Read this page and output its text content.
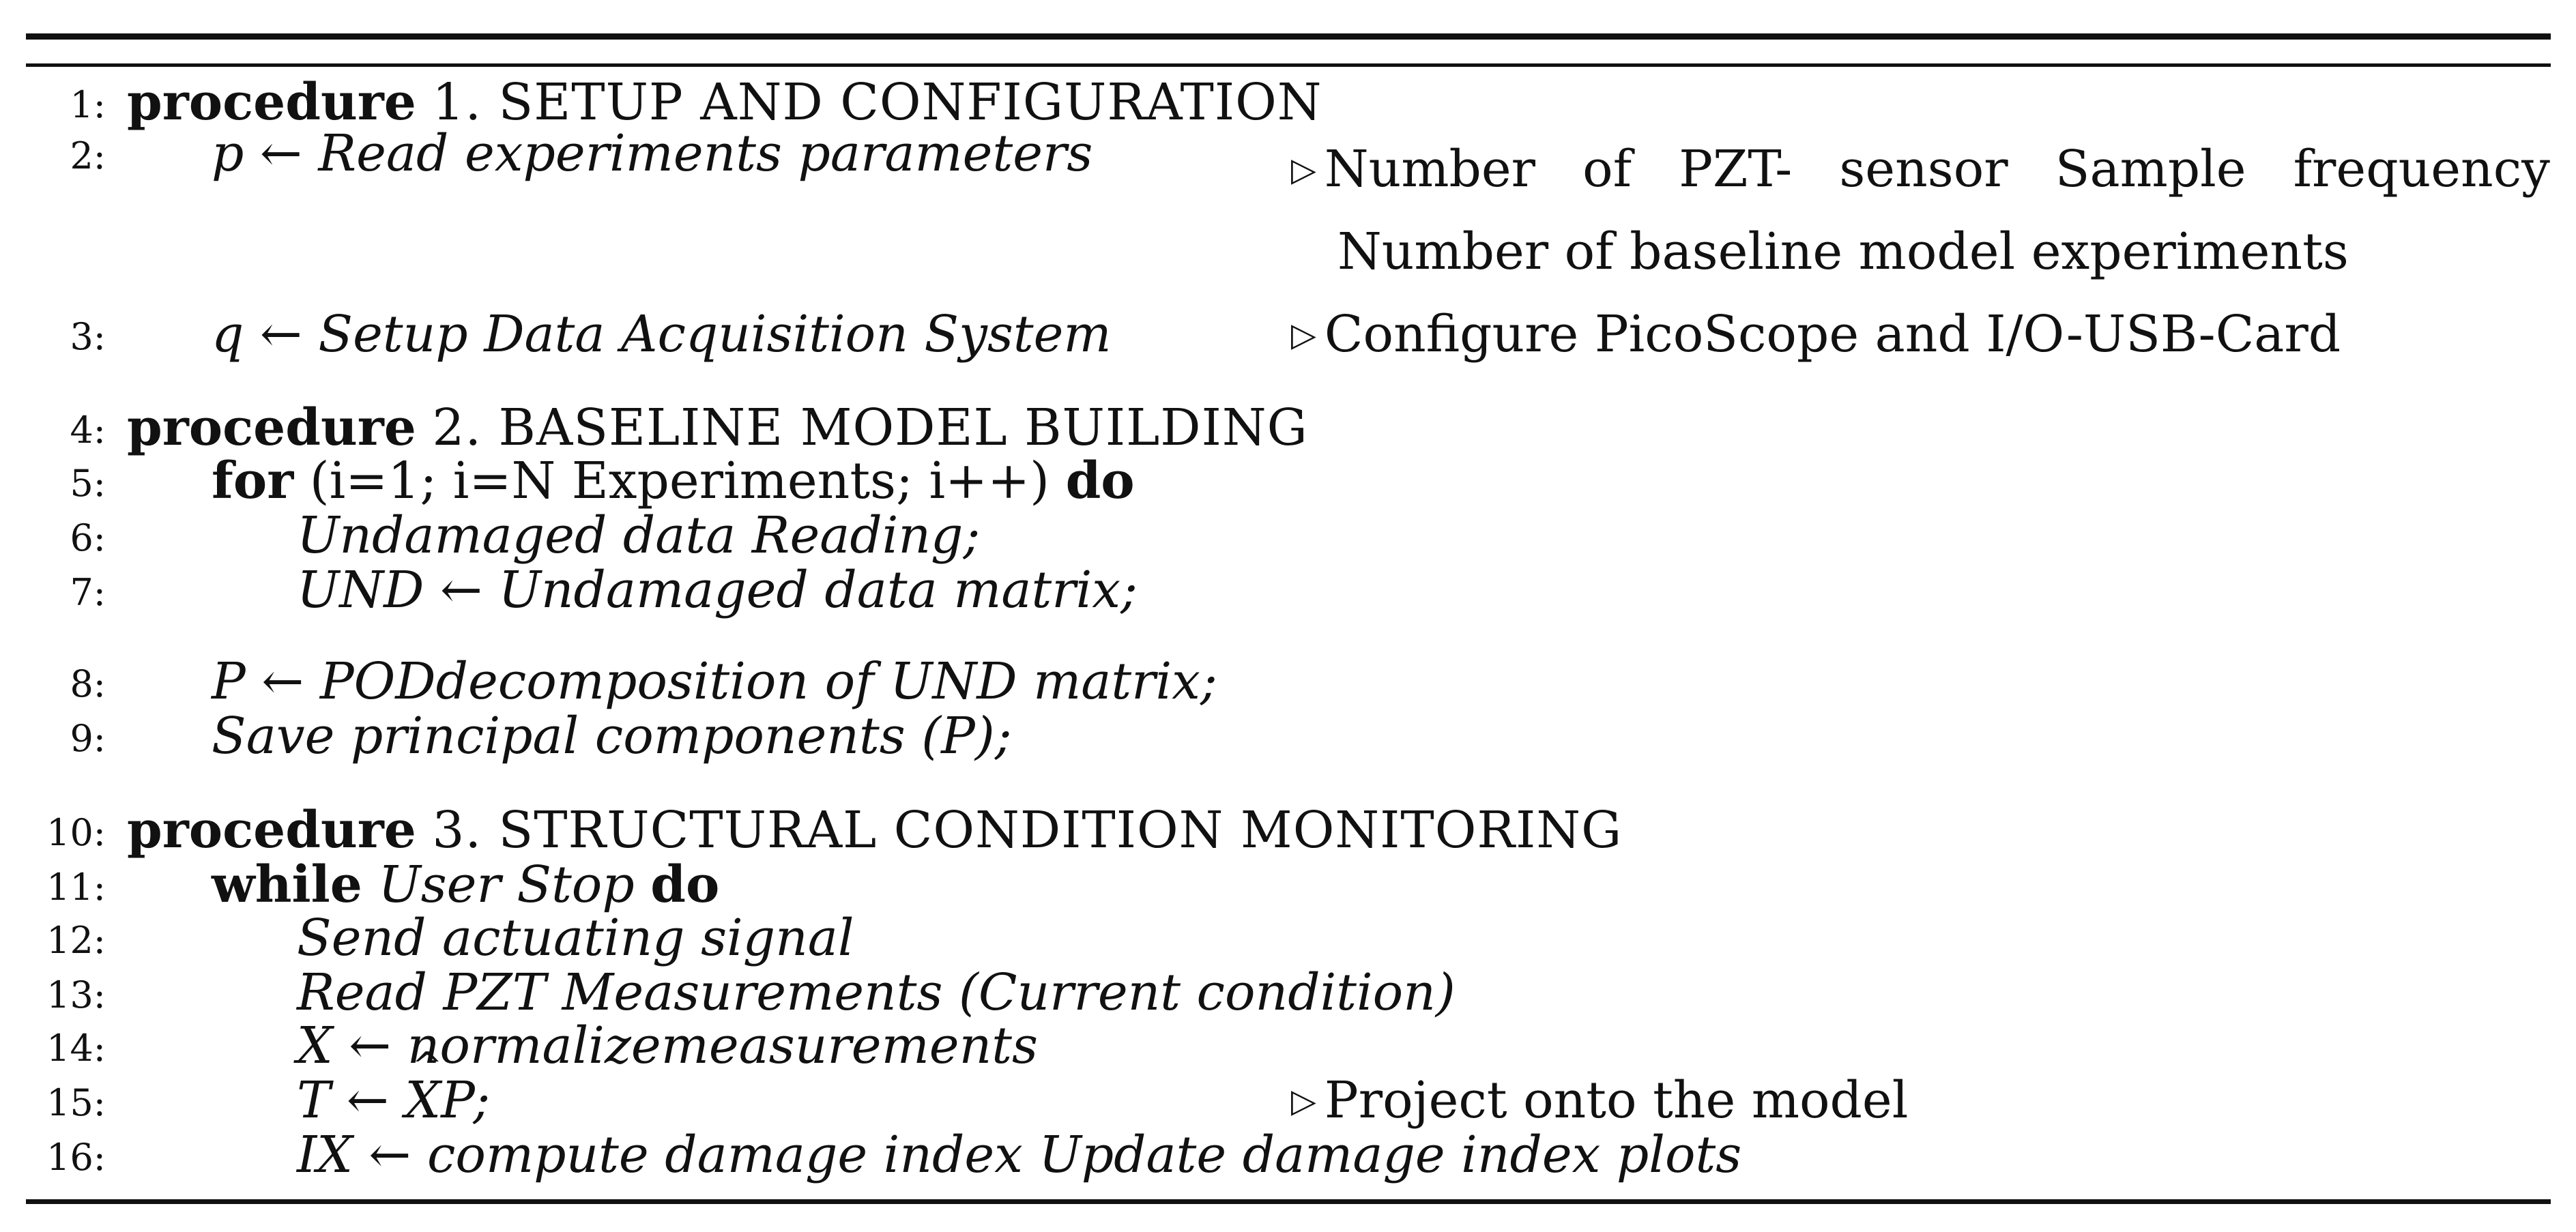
1: procedure 1. SETUP AND CONFIGURATION
2: p ← Read experiments parameters	▷ Number of PZT- sensor Sample frequency
Number of baseline model experiments
3: q ← Setup Data Acquisition System	▷ Configure PicoScope and I/O-USB-Card
4: procedure 2. BASELINE MODEL BUILDING
5: for (i=1; i=N Experiments; i++) do
6:	Undamaged data Reading;
7:	UND ← Undamaged data matrix;
8: P ← PODdecomposition of UND matrix;
9: Save principal components (P);
10: procedure 3. STRUCTURAL CONDITION MONITORING
11: while User Stop do
12:	Send actuating signal
13:	Read PZT Measurements (Current condition)
14:	X ← normalizemeasurements
15:	T ← X ^P;	▷ Project onto the model
16:	IX ← compute damage index Update damage index plots
